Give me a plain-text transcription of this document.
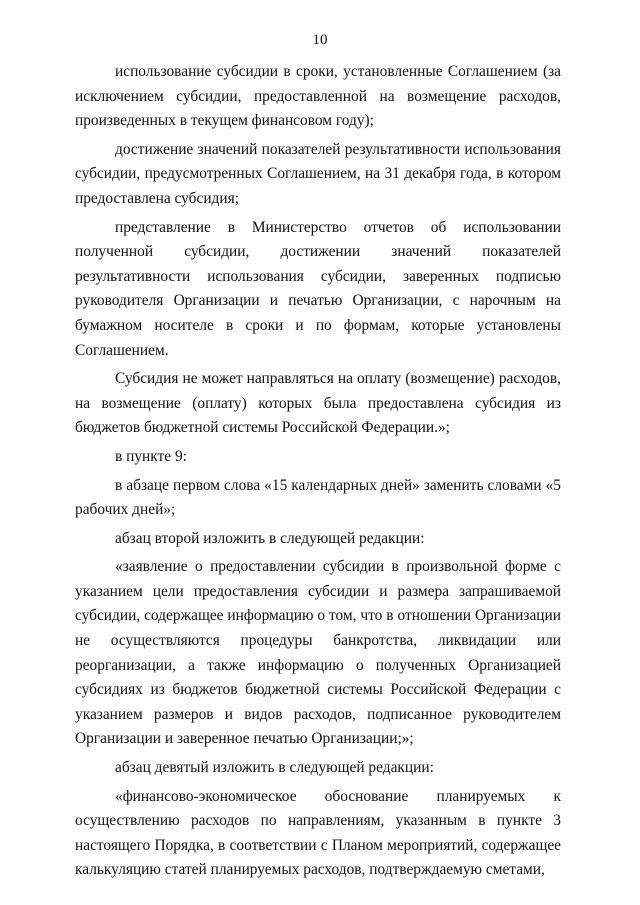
10

использование субсидии в сроки, установленные Соглашением (за исключением субсидии, предоставленной на возмещение расходов, произведенных в текущем финансовом году);

достижение значений показателей результативности использования субсидии, предусмотренных Соглашением, на 31 декабря года, в котором предоставлена субсидия;

представление в Министерство отчетов об использовании полученной субсидии, достижении значений показателей результативности использования субсидии, заверенных подписью руководителя Организации и печатью Организации, с нарочным на бумажном носителе в сроки и по формам, которые установлены Соглашением.

Субсидия не может направляться на оплату (возмещение) расходов, на возмещение (оплату) которых была предоставлена субсидия из бюджетов бюджетной системы Российской Федерации.»;

в пункте 9:

в абзаце первом слова «15 календарных дней» заменить словами «5 рабочих дней»;

абзац второй изложить в следующей редакции:

«заявление о предоставлении субсидии в произвольной форме с указанием цели предоставления субсидии и размера запрашиваемой субсидии, содержащее информацию о том, что в отношении Организации не осуществляются процедуры банкротства, ликвидации или реорганизации, а также информацию о полученных Организацией субсидиях из бюджетов бюджетной системы Российской Федерации с указанием размеров и видов расходов, подписанное руководителем Организации и заверенное печатью Организации;»;

абзац девятый изложить в следующей редакции:

«финансово-экономическое обоснование планируемых к осуществлению расходов по направлениям, указанным в пункте 3 настоящего Порядка, в соответствии с Планом мероприятий, содержащее калькуляцию статей планируемых расходов, подтверждаемую сметами,
